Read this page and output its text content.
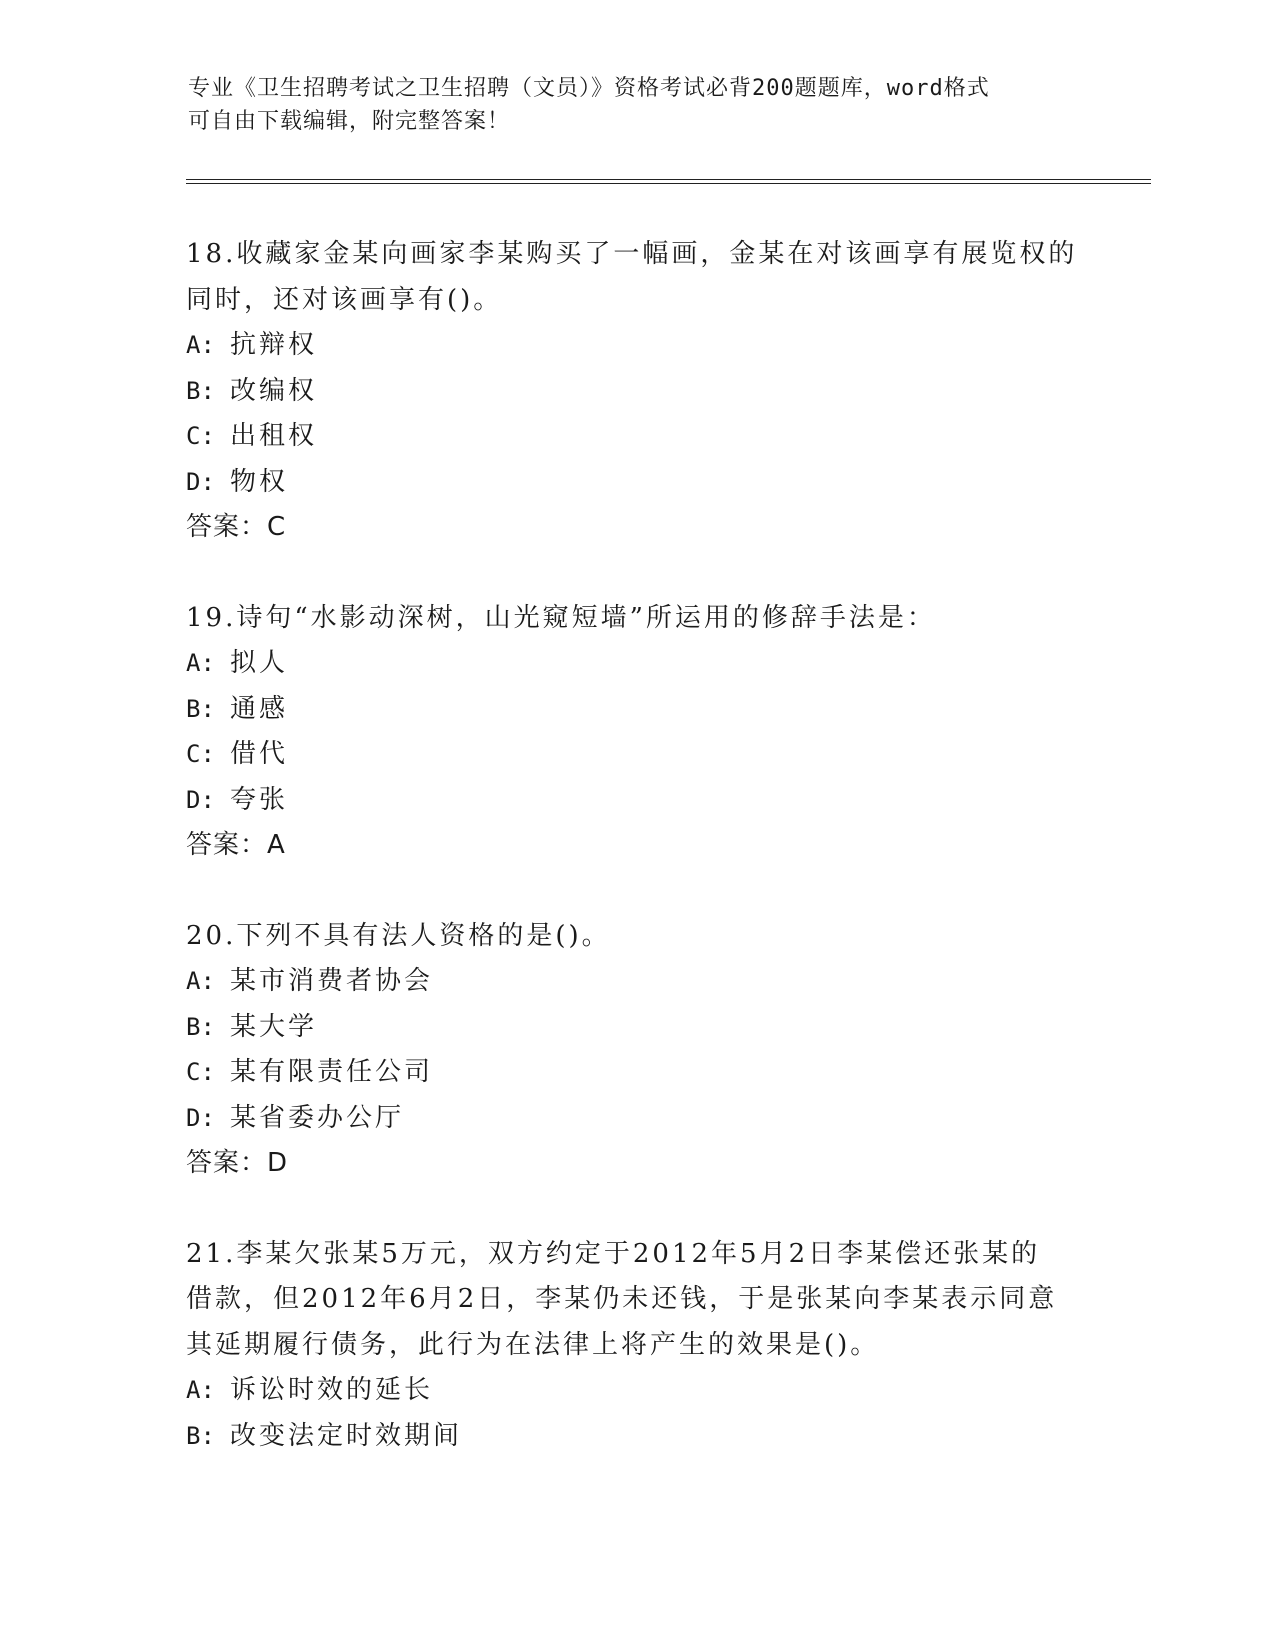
专业《卫生招聘考试之卫生招聘（文员）》资格考试必背200题题库，word格式
可自由下载编辑，附完整答案！
18.收藏家金某向画家李某购买了一幅画，金某在对该画享有展览权的
同时，还对该画享有()。
A: 抗辩权
B: 改编权
C: 出租权
D: 物权
答案：C
19.诗句“水影动深树，山光窥短墙”所运用的修辞手法是：
A: 拟人
B: 通感
C: 借代
D: 夸张
答案：A
20.下列不具有法人资格的是()。
A: 某市消费者协会
B: 某大学
C: 某有限责任公司
D: 某省委办公厅
答案：D
21.李某欠张某5万元，双方约定于2012年5月2日李某偿还张某的
借款，但2012年6月2日，李某仍未还钱，于是张某向李某表示同意
其延期履行债务，此行为在法律上将产生的效果是()。
A: 诉讼时效的延长
B: 改变法定时效期间
